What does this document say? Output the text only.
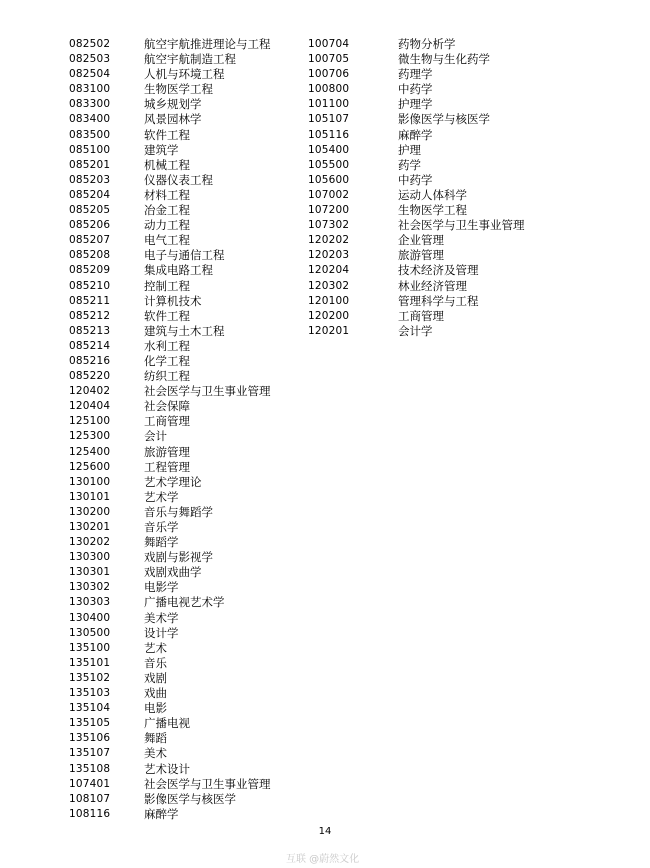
082502	航空宇航推进理论与工程
082503	航空宇航制造工程
082504	人机与环境工程
083100	生物医学工程
083300	城乡规划学
083400	风景园林学
083500	软件工程
085100	建筑学
085201	机械工程
085203	仪器仪表工程
085204	材料工程
085205	冶金工程
085206	动力工程
085207	电气工程
085208	电子与通信工程
085209	集成电路工程
085210	控制工程
085211	计算机技术
085212	软件工程
085213	建筑与土木工程
085214	水利工程
085216	化学工程
085220	纺织工程
120402	社会医学与卫生事业管理
120404	社会保障
125100	工商管理
125300	会计
125400	旅游管理
125600	工程管理
130100	艺术学理论
130101	艺术学
130200	音乐与舞蹈学
130201	音乐学
130202	舞蹈学
130300	戏剧与影视学
130301	戏剧戏曲学
130302	电影学
130303	广播电视艺术学
130400	美术学
130500	设计学
135100	艺术
135101	音乐
135102	戏剧
135103	戏曲
135104	电影
135105	广播电视
135106	舞蹈
135107	美术
135108	艺术设计
107401	社会医学与卫生事业管理
108107	影像医学与核医学
108116	麻醉学
100704	药物分析学
100705	微生物与生化药学
100706	药理学
100800	中药学
101100	护理学
105107	影像医学与核医学
105116	麻醉学
105400	护理
105500	药学
105600	中药学
107002	运动人体科学
107200	生物医学工程
107302	社会医学与卫生事业管理
120202	企业管理
120203	旅游管理
120204	技术经济及管理
120302	林业经济管理
120100	管理科学与工程
120200	工商管理
120201	会计学
14
互联 @蔚然文化
